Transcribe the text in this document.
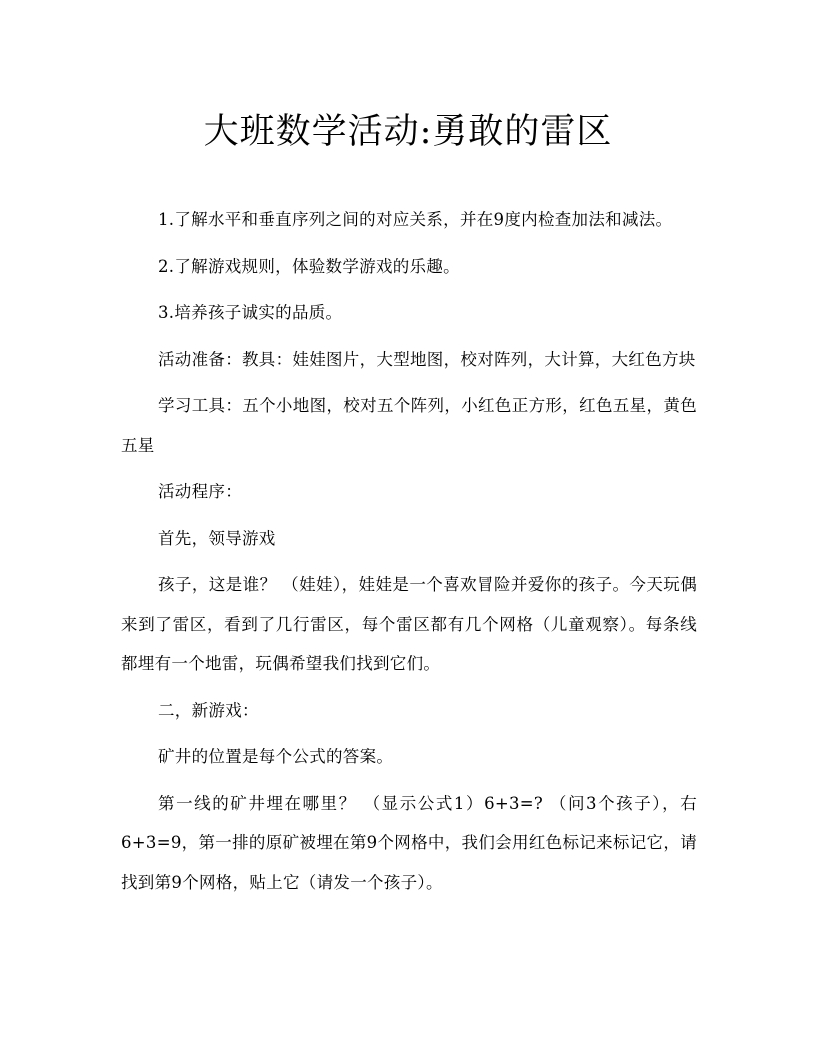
大班数学活动:勇敢的雷区

1.了解水平和垂直序列之间的对应关系，并在9度内检查加法和减法。

2.了解游戏规则，体验数学游戏的乐趣。

3.培养孩子诚实的品质。

活动准备：教具：娃娃图片，大型地图，校对阵列，大计算，大红色方块

学习工具：五个小地图，校对五个阵列，小红色正方形，红色五星，黄色五星

活动程序：

首先，领导游戏

孩子，这是谁？ （娃娃），娃娃是一个喜欢冒险并爱你的孩子。今天玩偶来到了雷区，看到了几行雷区，每个雷区都有几个网格（儿童观察）。每条线都埋有一个地雷，玩偶希望我们找到它们。

二，新游戏：

矿井的位置是每个公式的答案。

第一线的矿井埋在哪里？ （显示公式1）6+3=? （问3个孩子），右6+3=9，第一排的原矿被埋在第9个网格中，我们会用红色标记来标记它，请找到第9个网格，贴上它（请发一个孩子）。
